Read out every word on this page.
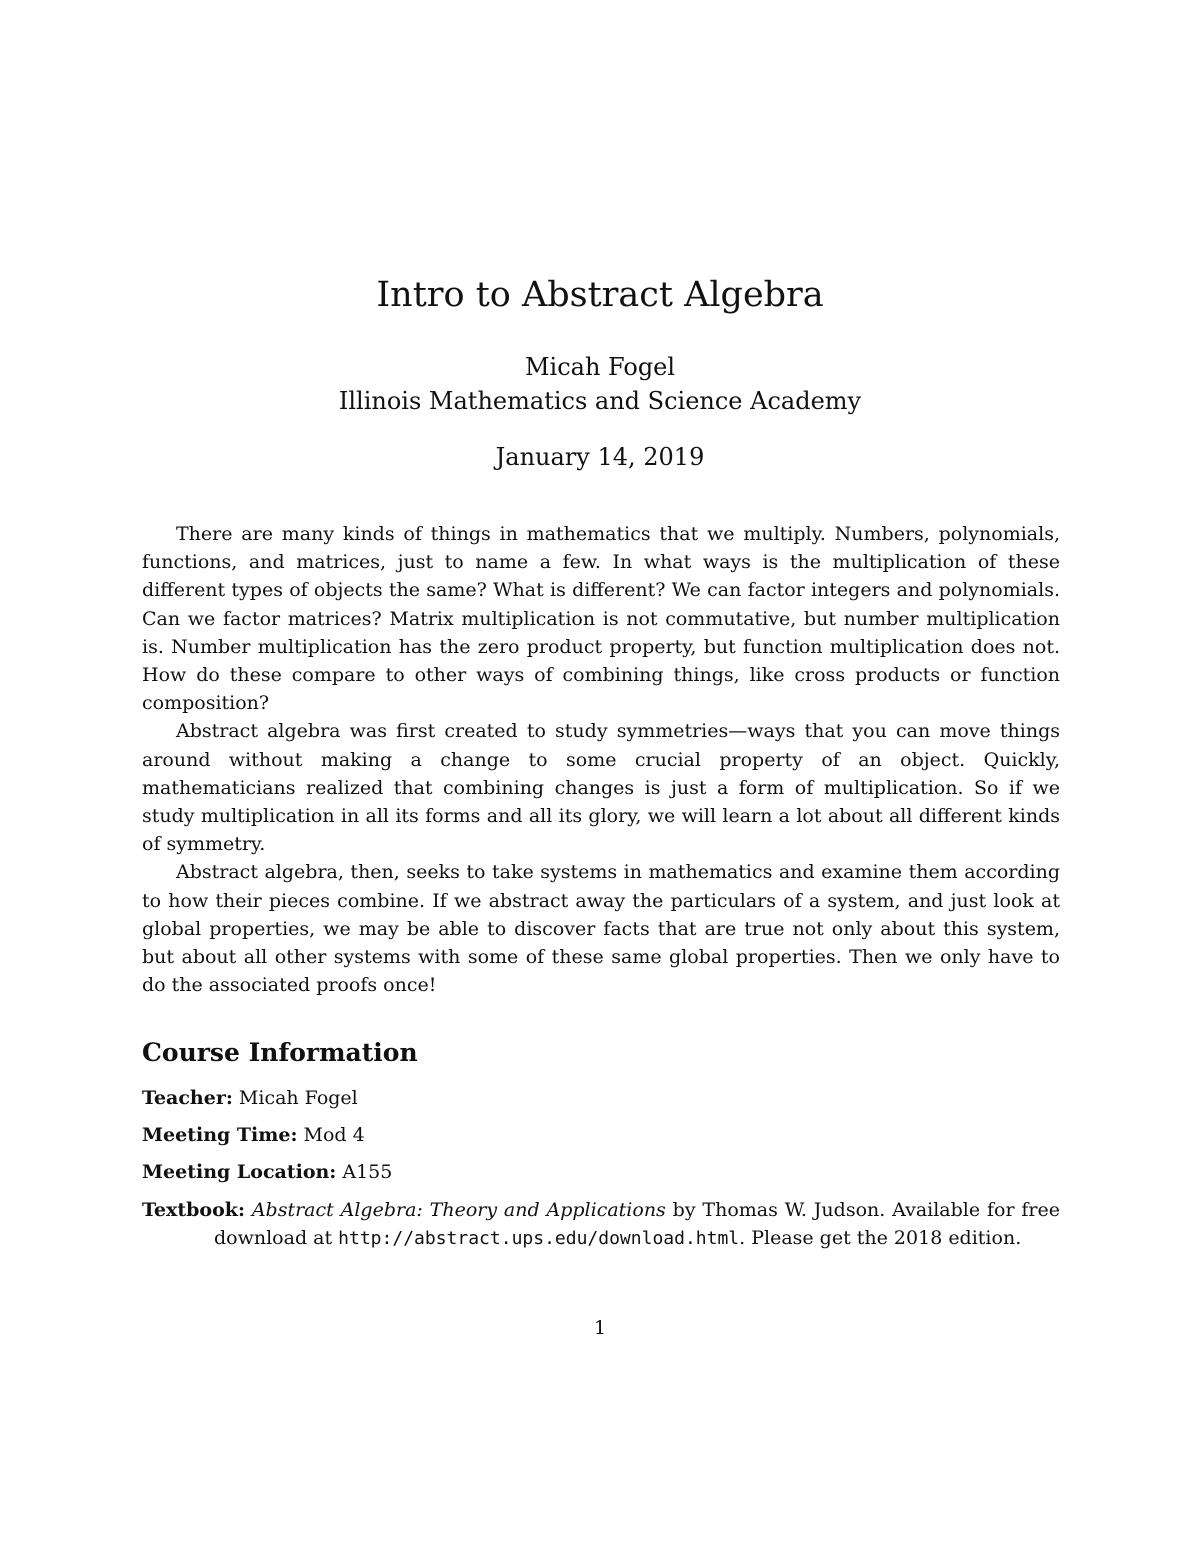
Intro to Abstract Algebra
Micah Fogel
Illinois Mathematics and Science Academy
January 14, 2019

There are many kinds of things in mathematics that we multiply. Numbers, polynomials, functions, and matrices, just to name a few. In what ways is the multiplication of these different types of objects the same? What is different? We can factor integers and polynomials. Can we factor matrices? Matrix multiplication is not commutative, but number multiplication is. Number multiplication has the zero product property, but function multiplication does not. How do these compare to other ways of combining things, like cross products or function composition?

Abstract algebra was first created to study symmetries—ways that you can move things around without making a change to some crucial property of an object. Quickly, mathematicians realized that combining changes is just a form of multiplication. So if we study multiplication in all its forms and all its glory, we will learn a lot about all different kinds of symmetry.

Abstract algebra, then, seeks to take systems in mathematics and examine them according to how their pieces combine. If we abstract away the particulars of a system, and just look at global properties, we may be able to discover facts that are true not only about this system, but about all other systems with some of these same global properties. Then we only have to do the associated proofs once!

Course Information
Teacher: Micah Fogel
Meeting Time: Mod 4
Meeting Location: A155
Textbook: Abstract Algebra: Theory and Applications by Thomas W. Judson. Available for free download at http://abstract.ups.edu/download.html. Please get the 2018 edition.
1
